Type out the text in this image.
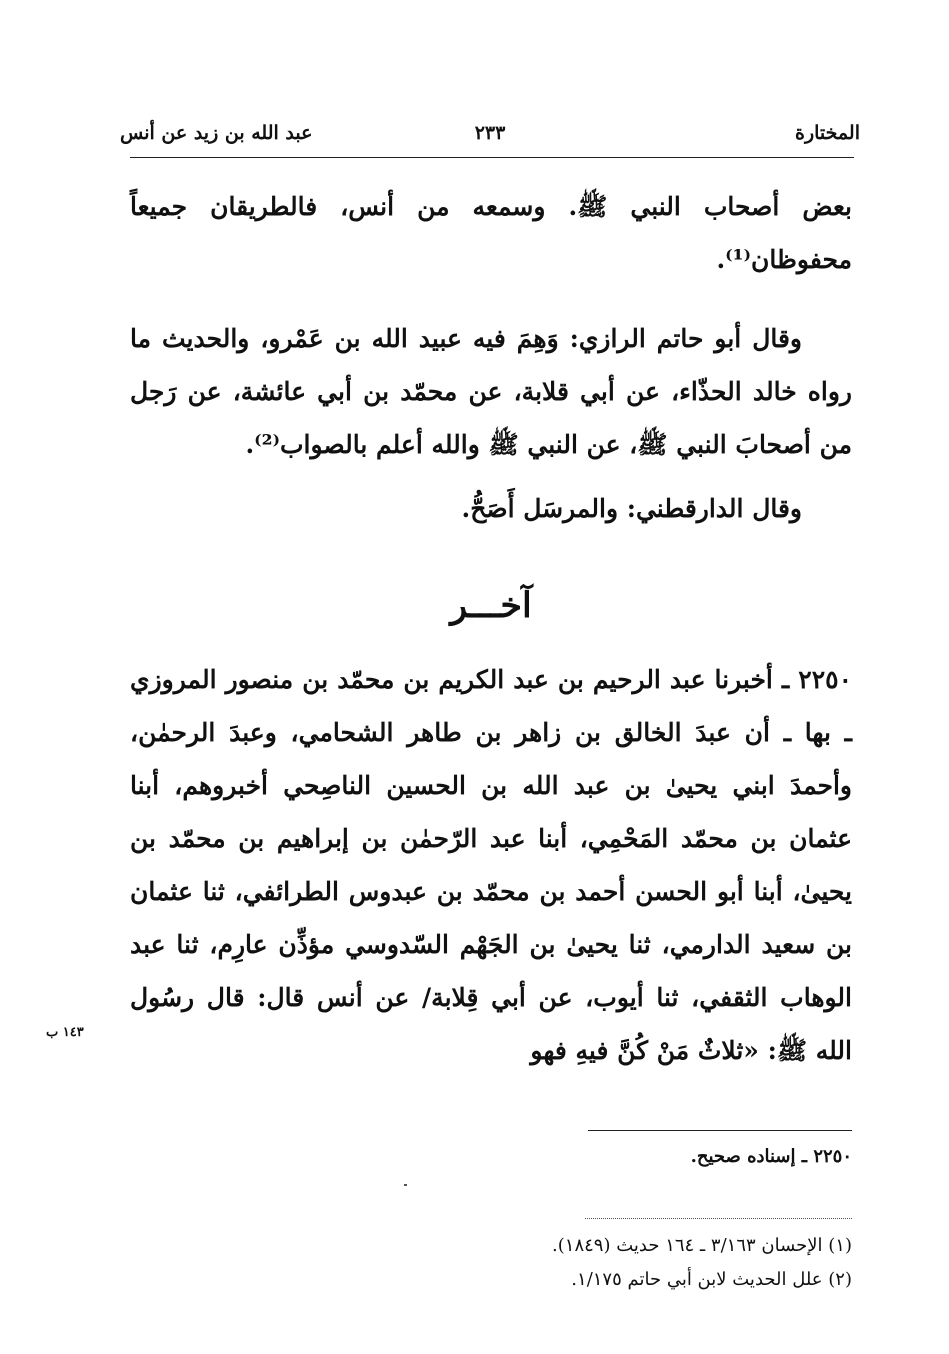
المختارة
٢٣٣
عبد الله بن زيد عن أنس

بعض أصحاب النبي ﷺ. وسمعه من أنس، فالطريقان جميعاً محفوظان⁽¹⁾.

وقال أبو حاتم الرازي: وَهِمَ فيه عبيد الله بن عَمْرو، والحديث ما رواه خالد الحذّاء، عن أبي قلابة، عن محمّد بن أبي عائشة، عن رَجل من أصحابَ النبي ﷺ، عن النبي ﷺ والله أعلم بالصواب⁽²⁾.

وقال الدارقطني: والمرسَل أَصَحُّ.

آخـــر

٢٢٥٠ ـ أخبرنا عبد الرحيم بن عبد الكريم بن محمّد بن منصور المروزي ـ بها ـ أن عبدَ الخالق بن زاهر بن طاهر الشحامي، وعبدَ الرحمٰن، وأحمدَ ابني يحيىٰ بن عبد الله بن الحسين الناصِحي أخبروهم، أبنا عثمان بن محمّد المَحْمِي، أبنا عبد الرّحمٰن بن إبراهيم بن محمّد بن يحيىٰ، أبنا أبو الحسن أحمد بن محمّد بن عبدوس الطرائفي، ثنا عثمان بن سعيد الدارمي، ثنا يحيىٰ بن الجَهْم السّدوسي مؤذِّن عارِم، ثنا عبد الوهاب الثقفي، ثنا أيوب، عن أبي قِلابة/ عن أنس قال: قال رسُول الله ﷺ: «ثلاثٌ مَنْ كُنَّ فيهِ فهو

١٤٣ ب
٢٢٥٠ ـ إسناده صحيح.
(١) الإحسان ٣/١٦٣ ـ ١٦٤ حديث (١٨٤٩).
(٢) علل الحديث لابن أبي حاتم ١/١٧٥.
